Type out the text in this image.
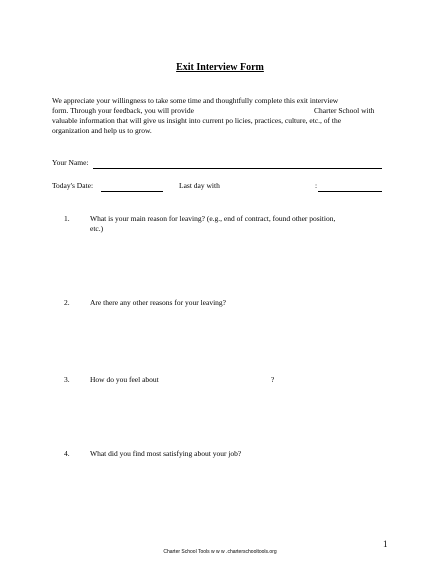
Exit Interview Form
We appreciate your willingness to take some time and thoughtfully complete this exit interview
form. Through your feedback, you will provide	Charter School with
valuable information that will give us insight into current po licies, practices, culture, etc., of the
organization and help us to grow.
Your Name:
Today's Date:	Last day with	:
1.	What is your main reason for leaving? (e.g., end of contract, found other position,
etc.)
2.	Are there any other reasons for your leaving?
3.	How do you feel about	?
4.	What did you find most satisfying about your job?
1
Charter School Tools w w w .charterschooltools.org
